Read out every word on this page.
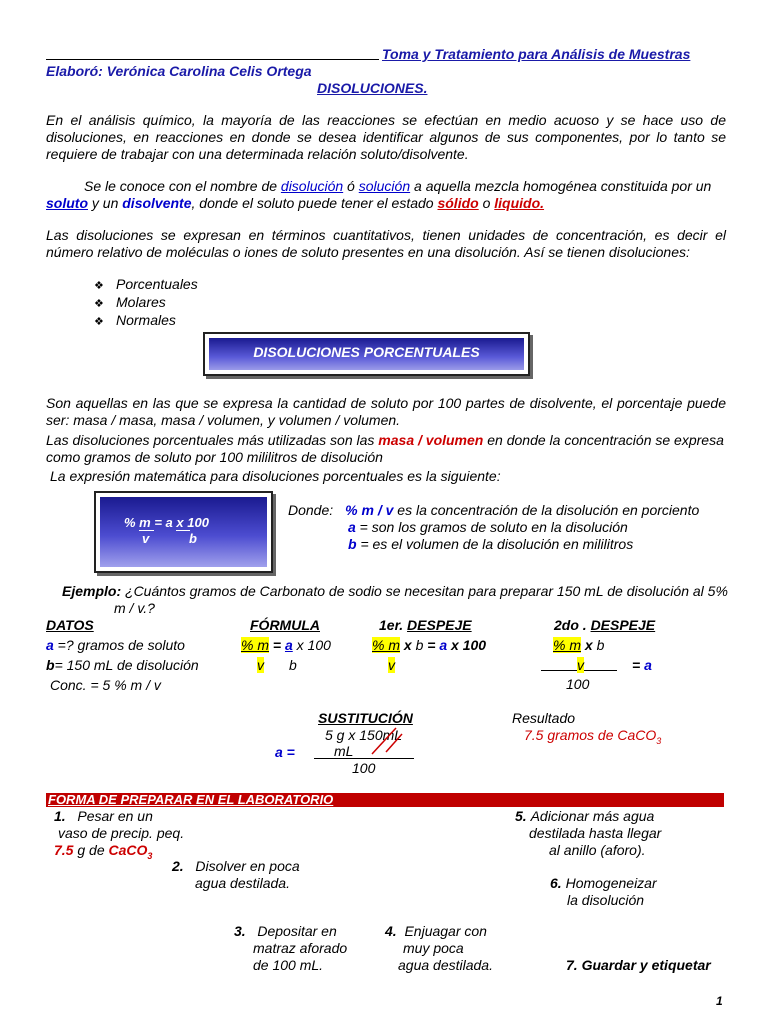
Toma y Tratamiento para Análisis de Muestras
Elaboró: Verónica Carolina Celis Ortega
DISOLUCIONES.
En el análisis químico, la mayoría de las reacciones se efectúan en medio acuoso y se hace uso de disoluciones, en reacciones en donde se desea identificar algunos de sus componentes, por lo tanto se requiere de trabajar con una determinada relación soluto/disolvente.
Se le conoce con el nombre de disolución ó solución a aquella mezcla homogénea constituida por un
soluto y un disolvente, donde el soluto puede tener el estado sólido o liquido.
Las disoluciones se expresan en términos cuantitativos, tienen unidades de concentración, es decir el número relativo de moléculas o iones de soluto presentes en una disolución. Así se tienen disoluciones:
❖ Porcentuales
❖ Molares
❖ Normales
DISOLUCIONES PORCENTUALES
Son aquellas en las que se expresa la cantidad de soluto por 100 partes de disolvente, el porcentaje puede ser: masa / masa, masa / volumen, y volumen / volumen.
Las disoluciones porcentuales más utilizadas son las masa / volumen en donde la concentración se expresa
como gramos de soluto por 100 mililitros de disolución
La expresión matemática para disoluciones porcentuales es la siguiente:
% m = a x 100
v           b
Donde: % m / v es la concentración de la disolución en porciento
a = son los gramos de soluto en la disolución
b = es el volumen de la disolución en mililitros
Ejemplo: ¿Cuántos gramos de Carbonato de sodio se necesitan para preparar 150 mL de disolución al 5%
m / v.?
DATOS	FÓRMULA	1er. DESPEJE	2do . DESPEJE
a =? gramos de soluto
b= 150 mL de disolución
Conc. = 5 % m / v
% m = a x 100
v b
% m x b = a x 100
v
% m x b
v	= a
100
SUSTITUCIÓN
5 g x 150mL
a =	mL
100
Resultado
7.5 gramos de CaCO$_3$
FORMA DE PREPARAR EN EL LABORATORIO
1. Pesar en un
vaso de precip. peq.
7.5 g de CaCO$_3$
2. Disolver en poca
agua destilada.
3. Depositar en
matraz aforado
de 100 mL.
4. Enjuagar con
muy poca
agua destilada.
5. Adicionar más agua
destilada hasta llegar
al anillo (aforo).
6. Homogeneizar
la disolución
7. Guardar y etiquetar
1
